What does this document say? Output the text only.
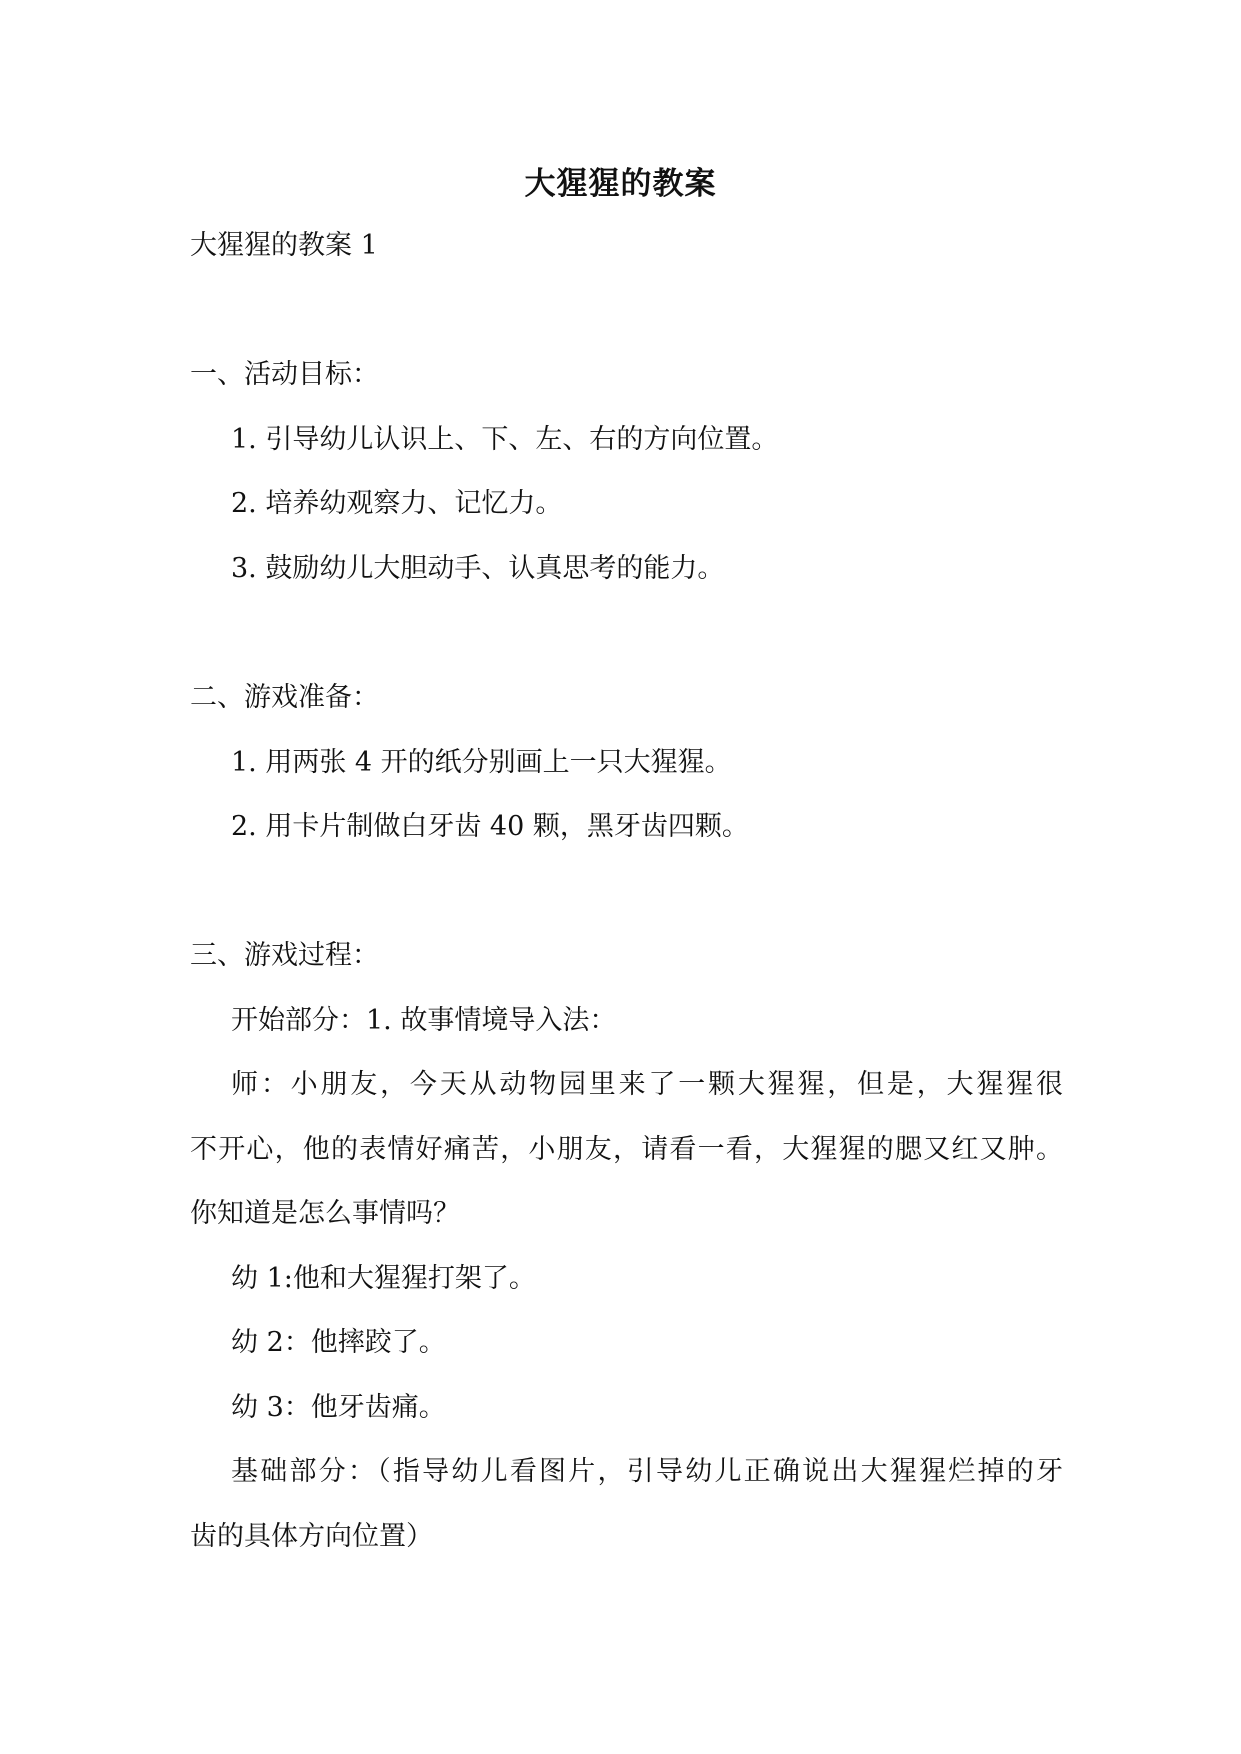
大猩猩的教案
大猩猩的教案 1
一、活动目标：
1. 引导幼儿认识上、下、左、右的方向位置。
2. 培养幼观察力、记忆力。
3. 鼓励幼儿大胆动手、认真思考的能力。
二、游戏准备：
1. 用两张 4 开的纸分别画上一只大猩猩。
2. 用卡片制做白牙齿 40 颗，黑牙齿四颗。
三、游戏过程：
开始部分：1. 故事情境导入法：
师：小朋友，今天从动物园里来了一颗大猩猩，但是，大猩猩很
不开心，他的表情好痛苦，小朋友，请看一看，大猩猩的腮又红又肿。
你知道是怎么事情吗？
幼 1:他和大猩猩打架了。
幼 2：他摔跤了。
幼 3：他牙齿痛。
基础部分：（指导幼儿看图片，引导幼儿正确说出大猩猩烂掉的牙
齿的具体方向位置）
